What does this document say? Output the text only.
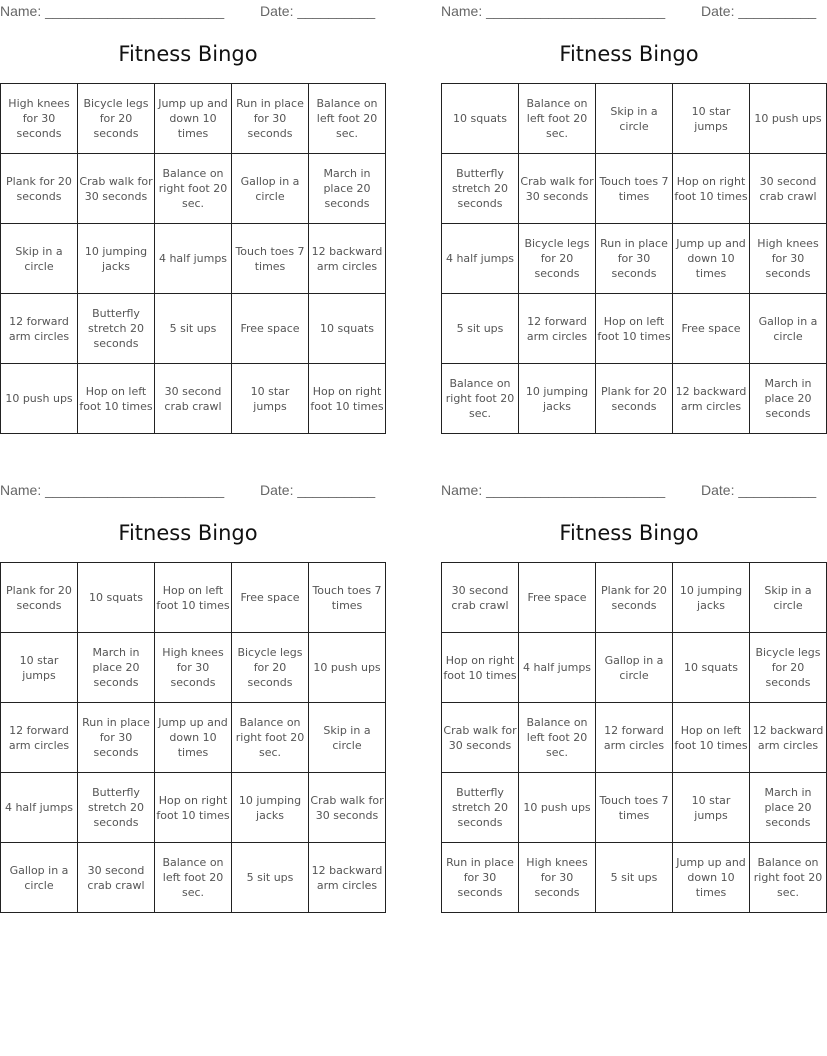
Name: _______________________	Date: __________
Fitness Bingo
High knees for 30 seconds	Bicycle legs for 20 seconds	Jump up and down 10 times	Run in place for 30 seconds	Balance on left foot 20 sec.
Plank for 20 seconds	Crab walk for 30 seconds	Balance on right foot 20 sec.	Gallop in a circle	March in place 20 seconds
Skip in a circle	10 jumping jacks	4 half jumps	Touch toes 7 times	12 backward arm circles
12 forward arm circles	Butterfly stretch 20 seconds	5 sit ups	Free space	10 squats
10 push ups	Hop on left foot 10 times	30 second crab crawl	10 star jumps	Hop on right foot 10 times
Name: _______________________	Date: __________
Fitness Bingo
10 squats	Balance on left foot 20 sec.	Skip in a circle	10 star jumps	10 push ups
Butterfly stretch 20 seconds	Crab walk for 30 seconds	Touch toes 7 times	Hop on right foot 10 times	30 second crab crawl
4 half jumps	Bicycle legs for 20 seconds	Run in place for 30 seconds	Jump up and down 10 times	High knees for 30 seconds
5 sit ups	12 forward arm circles	Hop on left foot 10 times	Free space	Gallop in a circle
Balance on right foot 20 sec.	10 jumping jacks	Plank for 20 seconds	12 backward arm circles	March in place 20 seconds
Name: _______________________	Date: __________
Fitness Bingo
Plank for 20 seconds	10 squats	Hop on left foot 10 times	Free space	Touch toes 7 times
10 star jumps	March in place 20 seconds	High knees for 30 seconds	Bicycle legs for 20 seconds	10 push ups
12 forward arm circles	Run in place for 30 seconds	Jump up and down 10 times	Balance on right foot 20 sec.	Skip in a circle
4 half jumps	Butterfly stretch 20 seconds	Hop on right foot 10 times	10 jumping jacks	Crab walk for 30 seconds
Gallop in a circle	30 second crab crawl	Balance on left foot 20 sec.	5 sit ups	12 backward arm circles
Name: _______________________	Date: __________
Fitness Bingo
30 second crab crawl	Free space	Plank for 20 seconds	10 jumping jacks	Skip in a circle
Hop on right foot 10 times	4 half jumps	Gallop in a circle	10 squats	Bicycle legs for 20 seconds
Crab walk for 30 seconds	Balance on left foot 20 sec.	12 forward arm circles	Hop on left foot 10 times	12 backward arm circles
Butterfly stretch 20 seconds	10 push ups	Touch toes 7 times	10 star jumps	March in place 20 seconds
Run in place for 30 seconds	High knees for 30 seconds	5 sit ups	Jump up and down 10 times	Balance on right foot 20 sec.
